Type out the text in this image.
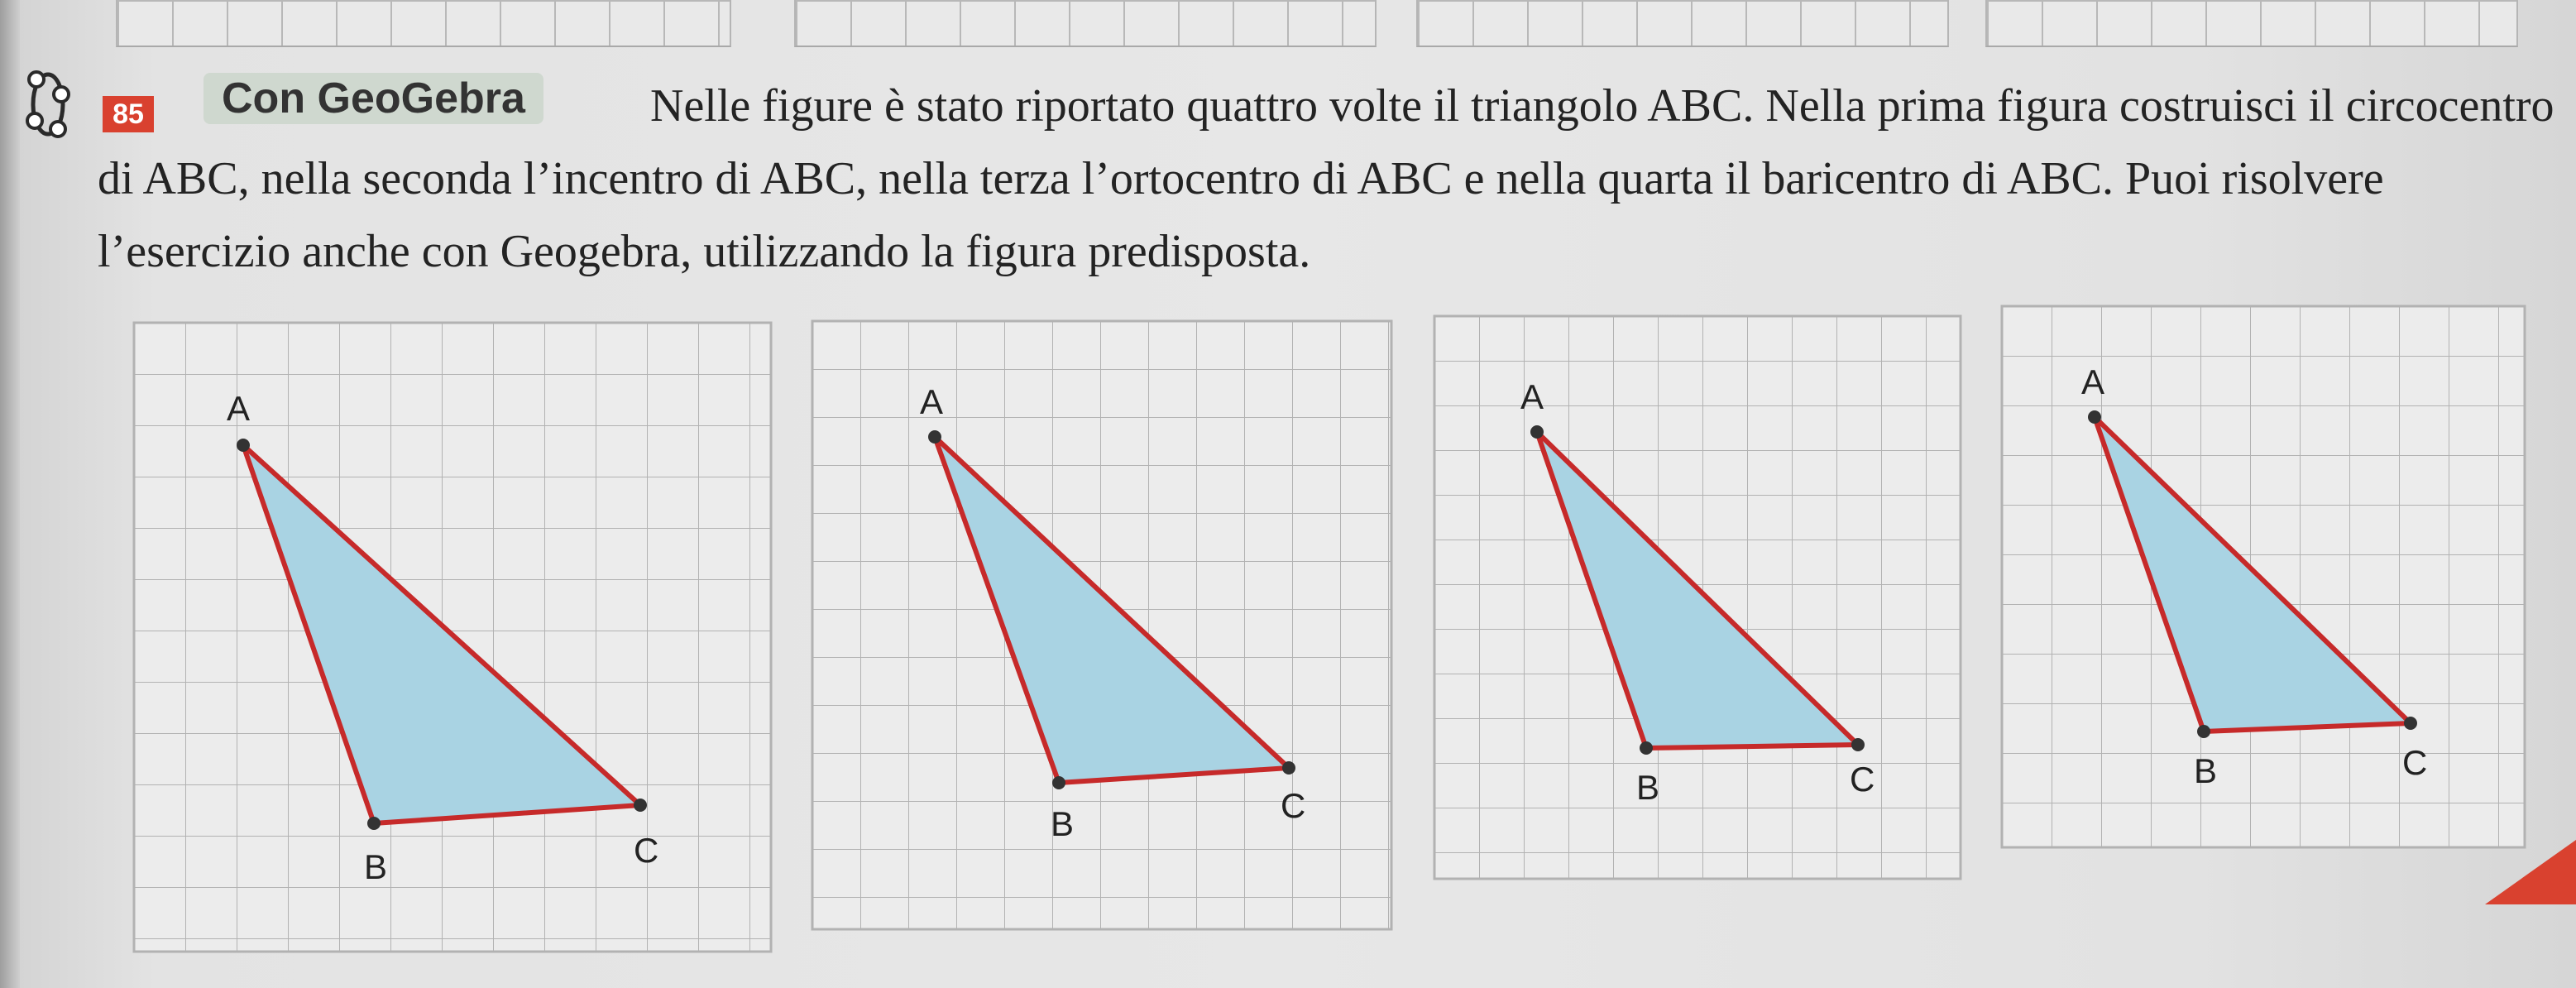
85	Con GeoGebra	Nelle figure è stato riportato quattro volte il triangolo ABC. Nella prima figura costruisci il circocentro di ABC, nella seconda l’incentro di ABC, nella terza l’ortocentro di ABC e nella quarta il baricentro di ABC. Puoi risolvere l’esercizio anche con Geogebra, utilizzando la figura predisposta.
A
B	C
A
B	C
A
B	C
A
B	C
